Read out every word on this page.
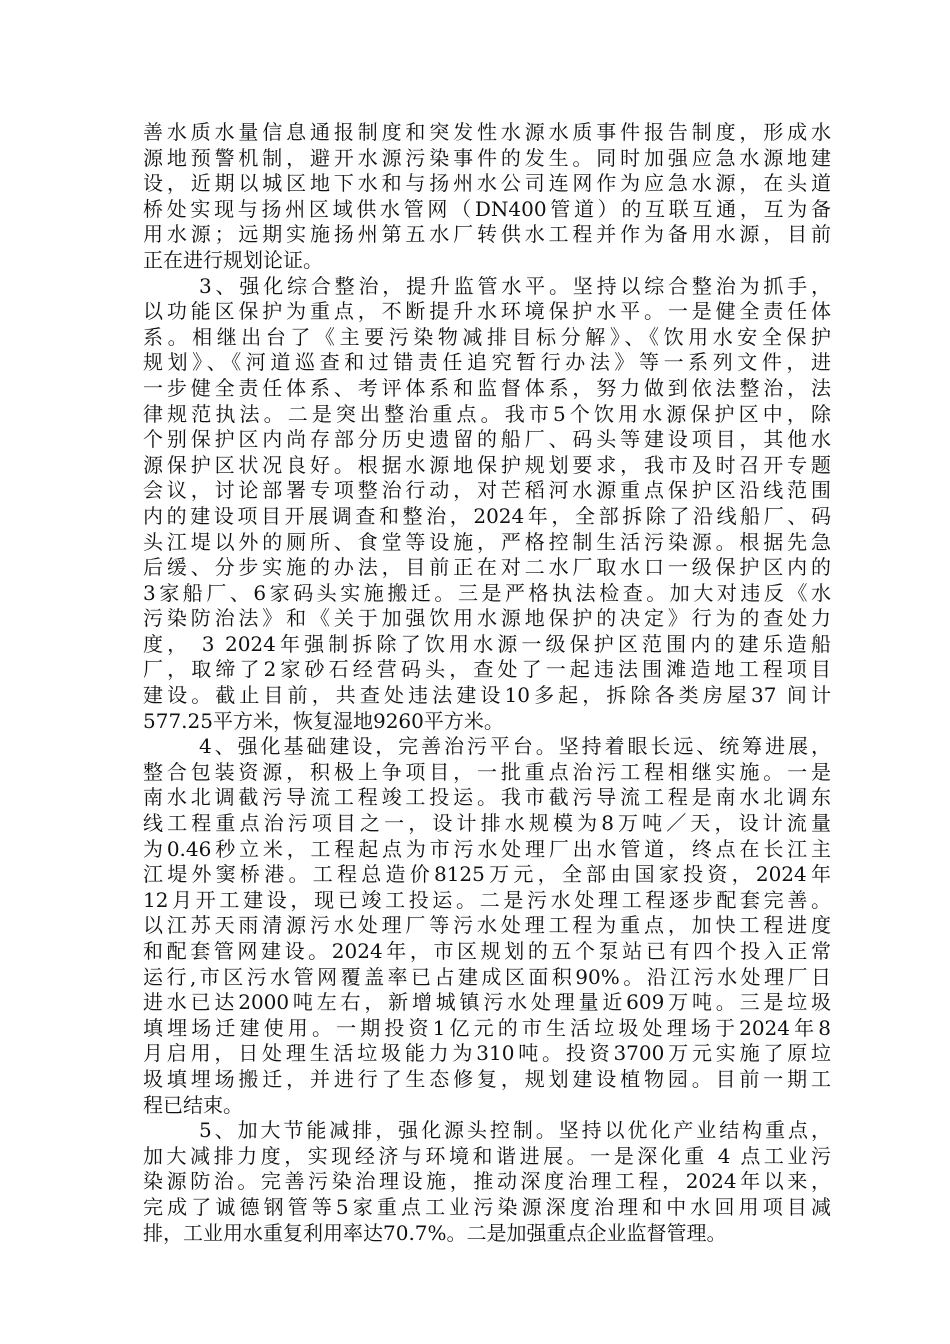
善水质水量信息通报制度和突发性水源水质事件报告制度，形成水
源地预警机制，避开水源污染事件的发生。同时加强应急水源地建
设，近期以城区地下水和与扬州水公司连网作为应急水源，在头道
桥处实现与扬州区域供水管网（DN400管道）的互联互通，互为备
用水源；远期实施扬州第五水厂转供水工程并作为备用水源，目前
正在进行规划论证。
3、强化综合整治，提升监管水平。坚持以综合整治为抓手，
以功能区保护为重点，不断提升水环境保护水平。一是健全责任体
系。相继出台了《主要污染物减排目标分解》、《饮用水安全保护
规划》、《河道巡查和过错责任追究暂行办法》等一系列文件，进
一步健全责任体系、考评体系和监督体系，努力做到依法整治，法
律规范执法。二是突出整治重点。我市5个饮用水源保护区中，除
个别保护区内尚存部分历史遗留的船厂、码头等建设项目，其他水
源保护区状况良好。根据水源地保护规划要求，我市及时召开专题
会议，讨论部署专项整治行动，对芒稻河水源重点保护区沿线范围
内的建设项目开展调查和整治，2024年，全部拆除了沿线船厂、码
头江堤以外的厕所、食堂等设施，严格控制生活污染源。根据先急
后缓、分步实施的办法，目前正在对二水厂取水口一级保护区内的
3家船厂、6家码头实施搬迁。三是严格执法检查。加大对违反《水
污染防治法》和《关于加强饮用水源地保护的决定》行为的查处力
度， 3 2024年强制拆除了饮用水源一级保护区范围内的建乐造船
厂，取缔了2家砂石经营码头，查处了一起违法围滩造地工程项目
建设。截止目前，共查处违法建设10多起，拆除各类房屋37 间计
577.25平方米，恢复湿地9260平方米。
4、强化基础建设，完善治污平台。坚持着眼长远、统筹进展，
整合包装资源，积极上争项目，一批重点治污工程相继实施。一是
南水北调截污导流工程竣工投运。我市截污导流工程是南水北调东
线工程重点治污项目之一，设计排水规模为8万吨／天，设计流量
为0.46秒立米，工程起点为市污水处理厂出水管道，终点在长江主
江堤外窦桥港。工程总造价8125万元，全部由国家投资，2024年
12月开工建设，现已竣工投运。二是污水处理工程逐步配套完善。
以江苏天雨清源污水处理厂等污水处理工程为重点，加快工程进度
和配套管网建设。2024年，市区规划的五个泵站已有四个投入正常
运行,市区污水管网覆盖率已占建成区面积90%。沿江污水处理厂日
进水已达2000吨左右，新增城镇污水处理量近609万吨。三是垃圾
填埋场迁建使用。一期投资1亿元的市生活垃圾处理场于2024年8
月启用，日处理生活垃圾能力为310吨。投资3700万元实施了原垃
圾填埋场搬迁，并进行了生态修复，规划建设植物园。目前一期工
程已结束。
5、加大节能减排，强化源头控制。坚持以优化产业结构重点，
加大减排力度，实现经济与环境和谐进展。一是深化重 4 点工业污
染源防治。完善污染治理设施，推动深度治理工程，2024年以来，
完成了诚德钢管等5家重点工业污染源深度治理和中水回用项目减
排，工业用水重复利用率达70.7%。二是加强重点企业监督管理。
